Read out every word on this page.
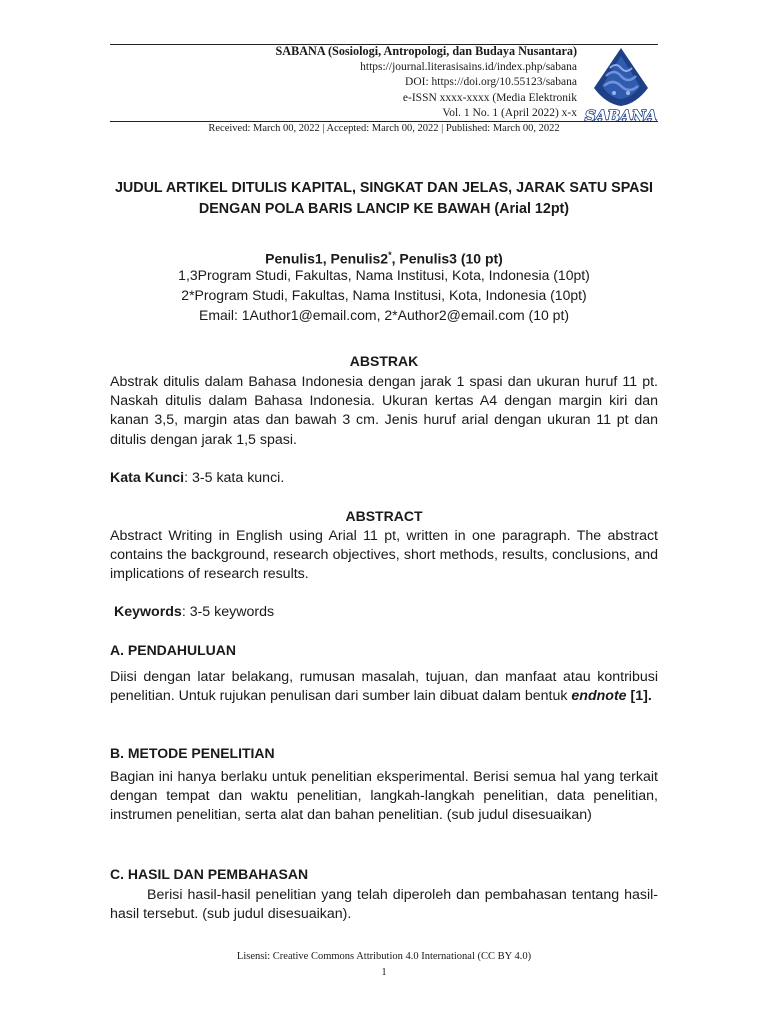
SABANA (Sosiologi, Antropologi, dan Budaya Nusantara)
https://journal.literasisains.id/index.php/sabana
DOI: https://doi.org/10.55123/sabana
e-ISSN xxxx-xxxx (Media Elektronik
Vol. 1 No. 1 (April 2022) x-x SABANA
Received: March 00, 2022 | Accepted: March 00, 2022 | Published: March 00, 2022
JUDUL ARTIKEL DITULIS KAPITAL, SINGKAT DAN JELAS, JARAK SATU SPASI DENGAN POLA BARIS LANCIP KE BAWAH (Arial 12pt)
Penulis1, Penulis2*, Penulis3 (10 pt)
1,3Program Studi, Fakultas, Nama Institusi, Kota, Indonesia (10pt)
2*Program Studi, Fakultas, Nama Institusi, Kota, Indonesia (10pt)
Email: 1Author1@email.com, 2*Author2@email.com (10 pt)
ABSTRAK
Abstrak ditulis dalam Bahasa Indonesia dengan jarak 1 spasi dan ukuran huruf 11 pt. Naskah ditulis dalam Bahasa Indonesia. Ukuran kertas A4 dengan margin kiri dan kanan 3,5, margin atas dan bawah 3 cm. Jenis huruf arial dengan ukuran 11 pt dan ditulis dengan jarak 1,5 spasi.
Kata Kunci: 3-5 kata kunci.
ABSTRACT
Abstract Writing in English using Arial 11 pt, written in one paragraph. The abstract contains the background, research objectives, short methods, results, conclusions, and implications of research results.
Keywords: 3-5 keywords
A. PENDAHULUAN
Diisi dengan latar belakang, rumusan masalah, tujuan, dan manfaat atau kontribusi penelitian. Untuk rujukan penulisan dari sumber lain dibuat dalam bentuk endnote [1].
B. METODE PENELITIAN
Bagian ini hanya berlaku untuk penelitian eksperimental. Berisi semua hal yang terkait dengan tempat dan waktu penelitian, langkah-langkah penelitian, data penelitian, instrumen penelitian, serta alat dan bahan penelitian. (sub judul disesuaikan)
C. HASIL DAN PEMBAHASAN
Berisi hasil-hasil penelitian yang telah diperoleh dan pembahasan tentang hasil-hasil tersebut. (sub judul disesuaikan).
Lisensi: Creative Commons Attribution 4.0 International (CC BY 4.0)
1
